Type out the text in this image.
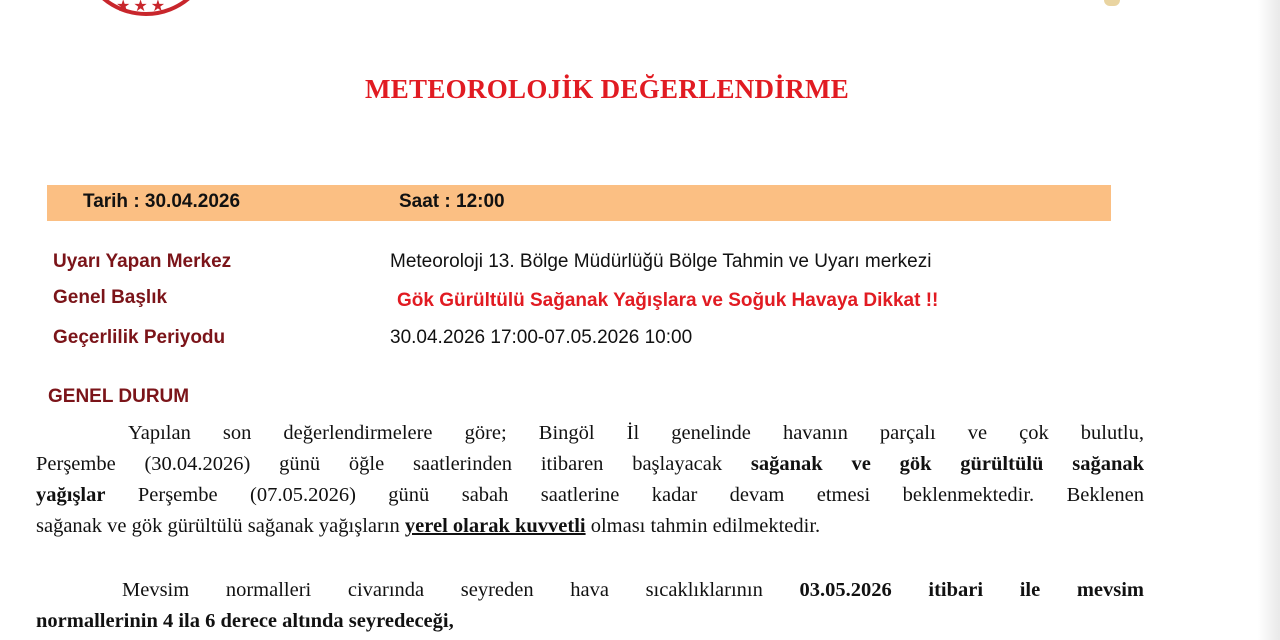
★★★
METEOROLOJİK DEĞERLENDİRME
Tarih : 30.04.2026	Saat : 12:00
Uyarı Yapan Merkez	Meteoroloji 13. Bölge Müdürlüğü Bölge Tahmin ve Uyarı merkezi
Genel Başlık	Gök Gürültülü Sağanak Yağışlara ve Soğuk Havaya Dikkat !!
Geçerlilik Periyodu	30.04.2026 17:00-07.05.2026 10:00
GENEL DURUM
Yapılan son değerlendirmelere göre; Bingöl İl genelinde havanın parçalı ve çok bulutlu,
Perşembe (30.04.2026) günü öğle saatlerinden itibaren başlayacak sağanak ve gök gürültülü sağanak
yağışlar Perşembe (07.05.2026) günü sabah saatlerine kadar devam etmesi beklenmektedir. Beklenen
sağanak ve gök gürültülü sağanak yağışların yerel olarak kuvvetli olması tahmin edilmektedir.
Mevsim normalleri civarında seyreden hava sıcaklıklarının 03.05.2026 itibari ile mevsim
normallerinin 4 ila 6 derece altında seyredeceği,
